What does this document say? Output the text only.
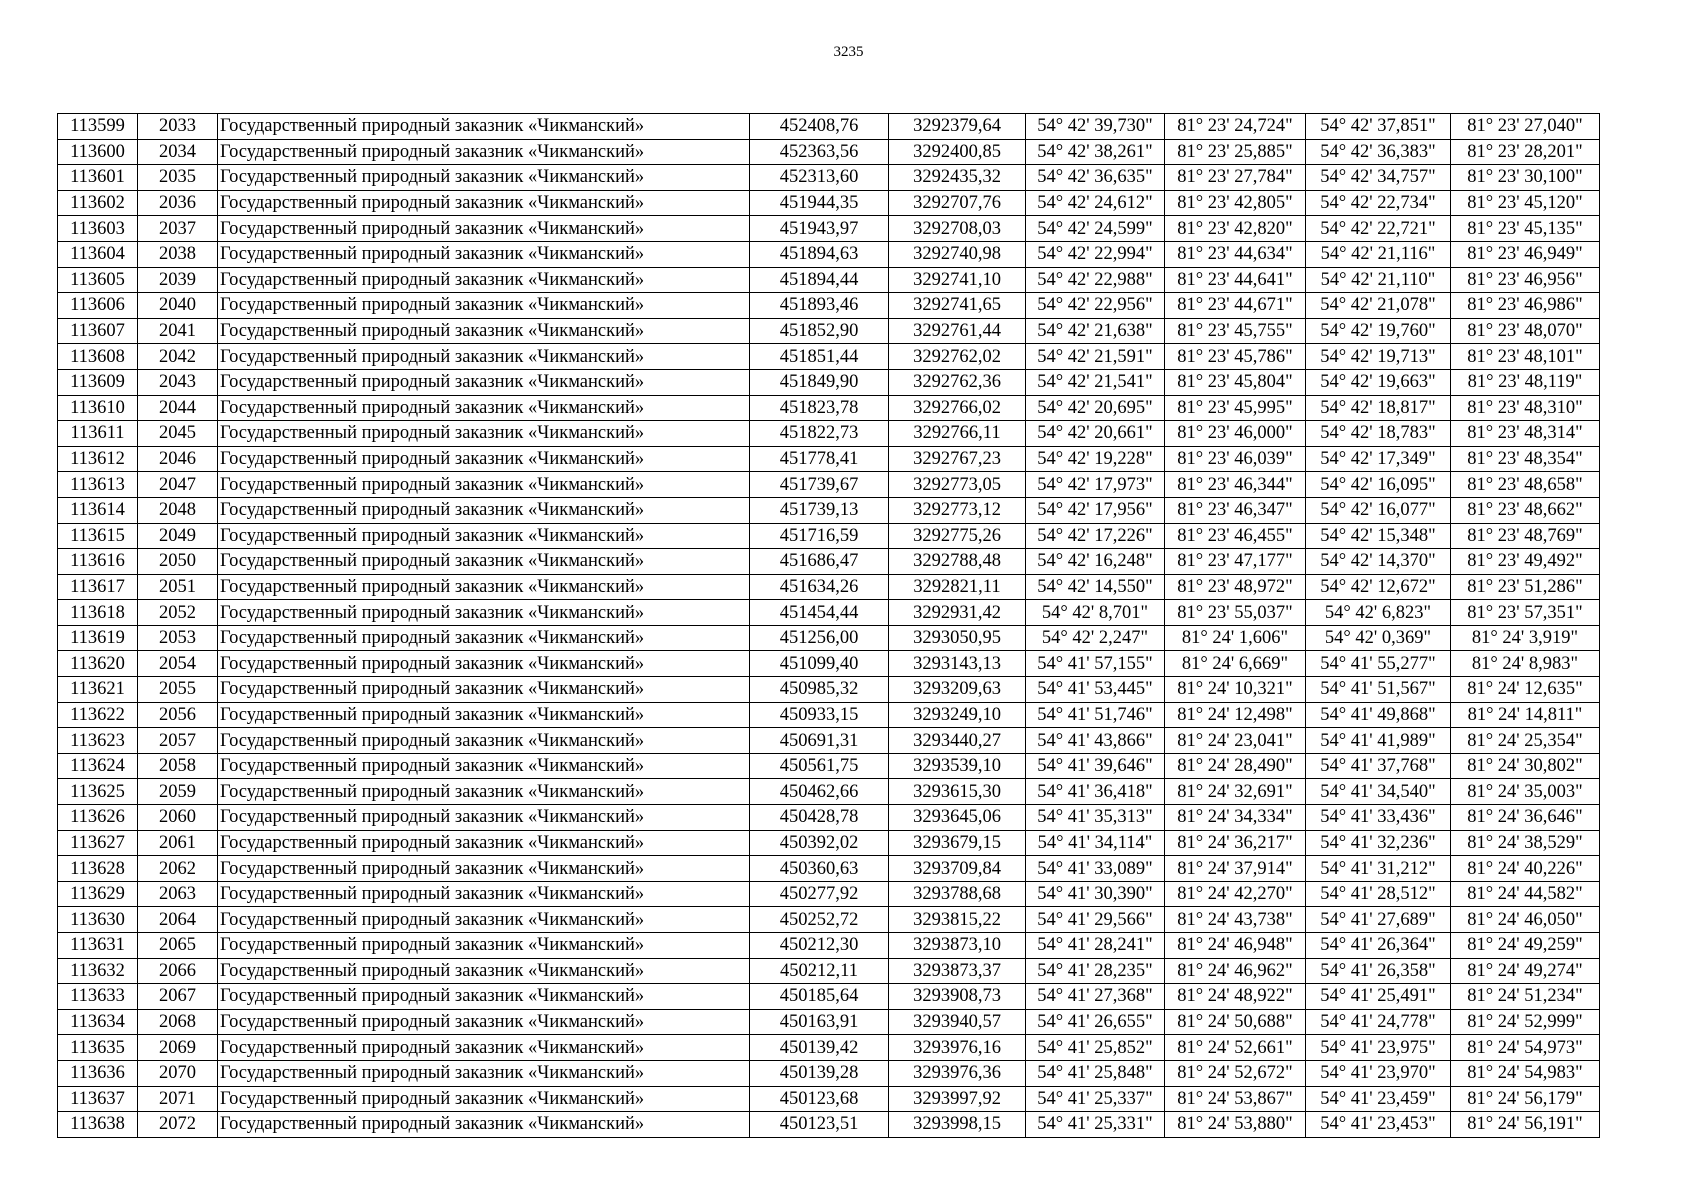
3235
113599	2033	Государственный природный заказник «Чикманский»	452408,76	3292379,64	54° 42' 39,730"	81° 23' 24,724"	54° 42' 37,851"	81° 23' 27,040"
113600	2034	Государственный природный заказник «Чикманский»	452363,56	3292400,85	54° 42' 38,261"	81° 23' 25,885"	54° 42' 36,383"	81° 23' 28,201"
113601	2035	Государственный природный заказник «Чикманский»	452313,60	3292435,32	54° 42' 36,635"	81° 23' 27,784"	54° 42' 34,757"	81° 23' 30,100"
113602	2036	Государственный природный заказник «Чикманский»	451944,35	3292707,76	54° 42' 24,612"	81° 23' 42,805"	54° 42' 22,734"	81° 23' 45,120"
113603	2037	Государственный природный заказник «Чикманский»	451943,97	3292708,03	54° 42' 24,599"	81° 23' 42,820"	54° 42' 22,721"	81° 23' 45,135"
113604	2038	Государственный природный заказник «Чикманский»	451894,63	3292740,98	54° 42' 22,994"	81° 23' 44,634"	54° 42' 21,116"	81° 23' 46,949"
113605	2039	Государственный природный заказник «Чикманский»	451894,44	3292741,10	54° 42' 22,988"	81° 23' 44,641"	54° 42' 21,110"	81° 23' 46,956"
113606	2040	Государственный природный заказник «Чикманский»	451893,46	3292741,65	54° 42' 22,956"	81° 23' 44,671"	54° 42' 21,078"	81° 23' 46,986"
113607	2041	Государственный природный заказник «Чикманский»	451852,90	3292761,44	54° 42' 21,638"	81° 23' 45,755"	54° 42' 19,760"	81° 23' 48,070"
113608	2042	Государственный природный заказник «Чикманский»	451851,44	3292762,02	54° 42' 21,591"	81° 23' 45,786"	54° 42' 19,713"	81° 23' 48,101"
113609	2043	Государственный природный заказник «Чикманский»	451849,90	3292762,36	54° 42' 21,541"	81° 23' 45,804"	54° 42' 19,663"	81° 23' 48,119"
113610	2044	Государственный природный заказник «Чикманский»	451823,78	3292766,02	54° 42' 20,695"	81° 23' 45,995"	54° 42' 18,817"	81° 23' 48,310"
113611	2045	Государственный природный заказник «Чикманский»	451822,73	3292766,11	54° 42' 20,661"	81° 23' 46,000"	54° 42' 18,783"	81° 23' 48,314"
113612	2046	Государственный природный заказник «Чикманский»	451778,41	3292767,23	54° 42' 19,228"	81° 23' 46,039"	54° 42' 17,349"	81° 23' 48,354"
113613	2047	Государственный природный заказник «Чикманский»	451739,67	3292773,05	54° 42' 17,973"	81° 23' 46,344"	54° 42' 16,095"	81° 23' 48,658"
113614	2048	Государственный природный заказник «Чикманский»	451739,13	3292773,12	54° 42' 17,956"	81° 23' 46,347"	54° 42' 16,077"	81° 23' 48,662"
113615	2049	Государственный природный заказник «Чикманский»	451716,59	3292775,26	54° 42' 17,226"	81° 23' 46,455"	54° 42' 15,348"	81° 23' 48,769"
113616	2050	Государственный природный заказник «Чикманский»	451686,47	3292788,48	54° 42' 16,248"	81° 23' 47,177"	54° 42' 14,370"	81° 23' 49,492"
113617	2051	Государственный природный заказник «Чикманский»	451634,26	3292821,11	54° 42' 14,550"	81° 23' 48,972"	54° 42' 12,672"	81° 23' 51,286"
113618	2052	Государственный природный заказник «Чикманский»	451454,44	3292931,42	54° 42' 8,701"	81° 23' 55,037"	54° 42' 6,823"	81° 23' 57,351"
113619	2053	Государственный природный заказник «Чикманский»	451256,00	3293050,95	54° 42' 2,247"	81° 24' 1,606"	54° 42' 0,369"	81° 24' 3,919"
113620	2054	Государственный природный заказник «Чикманский»	451099,40	3293143,13	54° 41' 57,155"	81° 24' 6,669"	54° 41' 55,277"	81° 24' 8,983"
113621	2055	Государственный природный заказник «Чикманский»	450985,32	3293209,63	54° 41' 53,445"	81° 24' 10,321"	54° 41' 51,567"	81° 24' 12,635"
113622	2056	Государственный природный заказник «Чикманский»	450933,15	3293249,10	54° 41' 51,746"	81° 24' 12,498"	54° 41' 49,868"	81° 24' 14,811"
113623	2057	Государственный природный заказник «Чикманский»	450691,31	3293440,27	54° 41' 43,866"	81° 24' 23,041"	54° 41' 41,989"	81° 24' 25,354"
113624	2058	Государственный природный заказник «Чикманский»	450561,75	3293539,10	54° 41' 39,646"	81° 24' 28,490"	54° 41' 37,768"	81° 24' 30,802"
113625	2059	Государственный природный заказник «Чикманский»	450462,66	3293615,30	54° 41' 36,418"	81° 24' 32,691"	54° 41' 34,540"	81° 24' 35,003"
113626	2060	Государственный природный заказник «Чикманский»	450428,78	3293645,06	54° 41' 35,313"	81° 24' 34,334"	54° 41' 33,436"	81° 24' 36,646"
113627	2061	Государственный природный заказник «Чикманский»	450392,02	3293679,15	54° 41' 34,114"	81° 24' 36,217"	54° 41' 32,236"	81° 24' 38,529"
113628	2062	Государственный природный заказник «Чикманский»	450360,63	3293709,84	54° 41' 33,089"	81° 24' 37,914"	54° 41' 31,212"	81° 24' 40,226"
113629	2063	Государственный природный заказник «Чикманский»	450277,92	3293788,68	54° 41' 30,390"	81° 24' 42,270"	54° 41' 28,512"	81° 24' 44,582"
113630	2064	Государственный природный заказник «Чикманский»	450252,72	3293815,22	54° 41' 29,566"	81° 24' 43,738"	54° 41' 27,689"	81° 24' 46,050"
113631	2065	Государственный природный заказник «Чикманский»	450212,30	3293873,10	54° 41' 28,241"	81° 24' 46,948"	54° 41' 26,364"	81° 24' 49,259"
113632	2066	Государственный природный заказник «Чикманский»	450212,11	3293873,37	54° 41' 28,235"	81° 24' 46,962"	54° 41' 26,358"	81° 24' 49,274"
113633	2067	Государственный природный заказник «Чикманский»	450185,64	3293908,73	54° 41' 27,368"	81° 24' 48,922"	54° 41' 25,491"	81° 24' 51,234"
113634	2068	Государственный природный заказник «Чикманский»	450163,91	3293940,57	54° 41' 26,655"	81° 24' 50,688"	54° 41' 24,778"	81° 24' 52,999"
113635	2069	Государственный природный заказник «Чикманский»	450139,42	3293976,16	54° 41' 25,852"	81° 24' 52,661"	54° 41' 23,975"	81° 24' 54,973"
113636	2070	Государственный природный заказник «Чикманский»	450139,28	3293976,36	54° 41' 25,848"	81° 24' 52,672"	54° 41' 23,970"	81° 24' 54,983"
113637	2071	Государственный природный заказник «Чикманский»	450123,68	3293997,92	54° 41' 25,337"	81° 24' 53,867"	54° 41' 23,459"	81° 24' 56,179"
113638	2072	Государственный природный заказник «Чикманский»	450123,51	3293998,15	54° 41' 25,331"	81° 24' 53,880"	54° 41' 23,453"	81° 24' 56,191"
